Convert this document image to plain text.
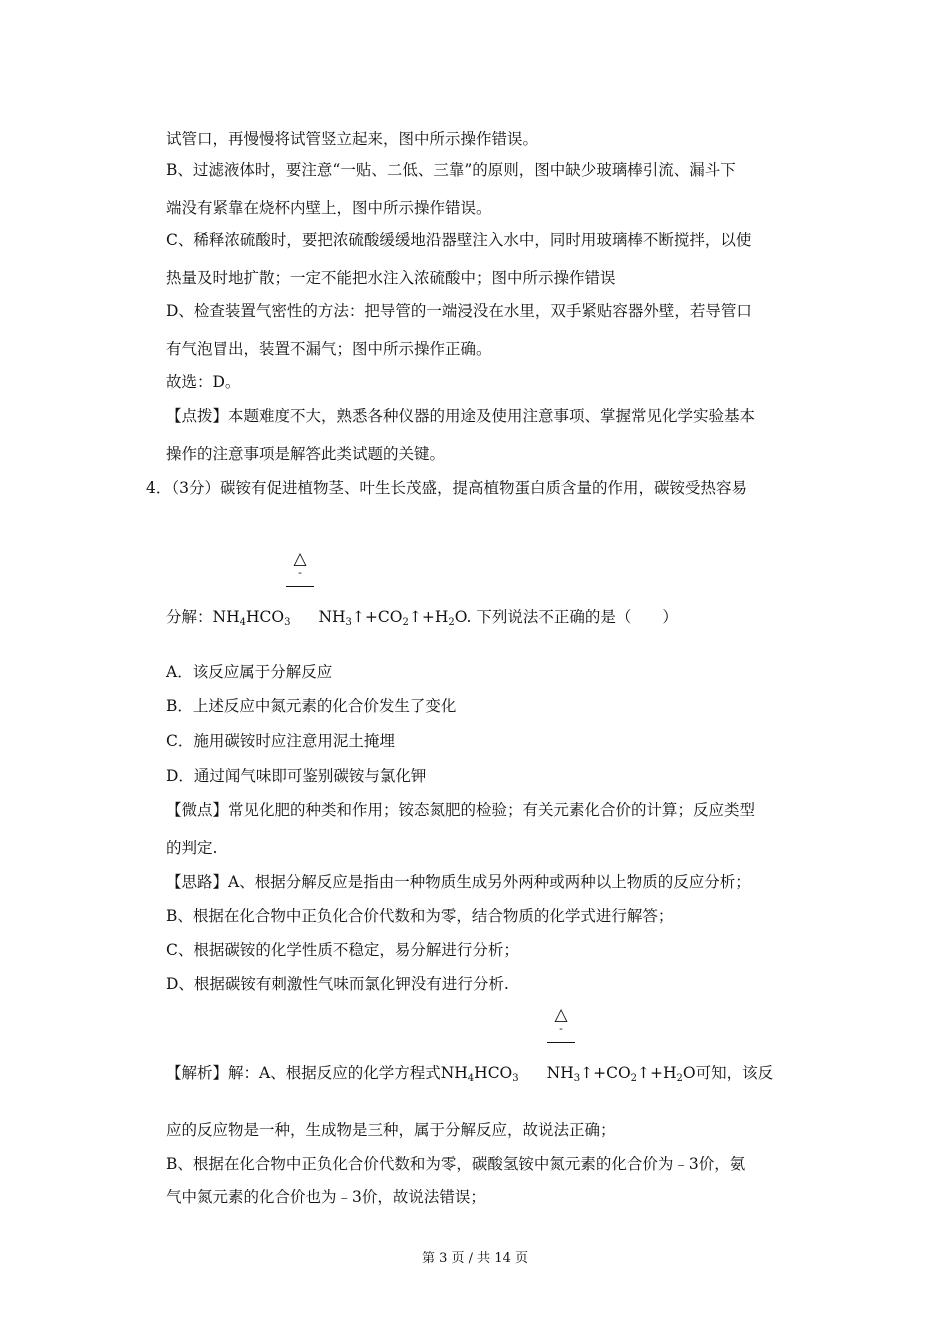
试管口，再慢慢将试管竖立起来，图中所示操作错误。
B、过滤液体时，要注意“一贴、二低、三靠”的原则，图中缺少玻璃棒引流、漏斗下
端没有紧靠在烧杯内壁上，图中所示操作错误。
C、稀释浓硫酸时，要把浓硫酸缓缓地沿器壁注入水中，同时用玻璃棒不断搅拌，以使
热量及时地扩散；一定不能把水注入浓硫酸中；图中所示操作错误
D、检查装置气密性的方法：把导管的一端浸没在水里，双手紧贴容器外壁，若导管口
有气泡冒出，装置不漏气；图中所示操作正确。
故选：D。
【点拨】本题难度不大，熟悉各种仪器的用途及使用注意事项、掌握常见化学实验基本
操作的注意事项是解答此类试题的关键。
4．（3分）碳铵有促进植物茎、叶生长茂盛，提高植物蛋白质含量的作用，碳铵受热容易
△
-
分解：$NH_4HCO_3$ $NH_3↑+CO_2↑+H_2O$. 下列说法不正确的是（　　）
A．该反应属于分解反应
B．上述反应中氮元素的化合价发生了变化
C．施用碳铵时应注意用泥土掩埋
D．通过闻气味即可鉴别碳铵与氯化钾
【微点】常见化肥的种类和作用；铵态氮肥的检验；有关元素化合价的计算；反应类型
的判定.
【思路】A、根据分解反应是指由一种物质生成另外两种或两种以上物质的反应分析；
B、根据在化合物中正负化合价代数和为零，结合物质的化学式进行解答；
C、根据碳铵的化学性质不稳定，易分解进行分析；
D、根据碳铵有刺激性气味而氯化钾没有进行分析.
△
-
【解析】解：A、根据反应的化学方程式$NH_4HCO_3$ $NH_3↑+CO_2↑+H_2O$可知，该反
应的反应物是一种，生成物是三种，属于分解反应，故说法正确；
B、根据在化合物中正负化合价代数和为零，碳酸氢铵中氮元素的化合价为﹣3价，氨
气中氮元素的化合价也为﹣3价，故说法错误；
第 3 页 / 共 14 页
